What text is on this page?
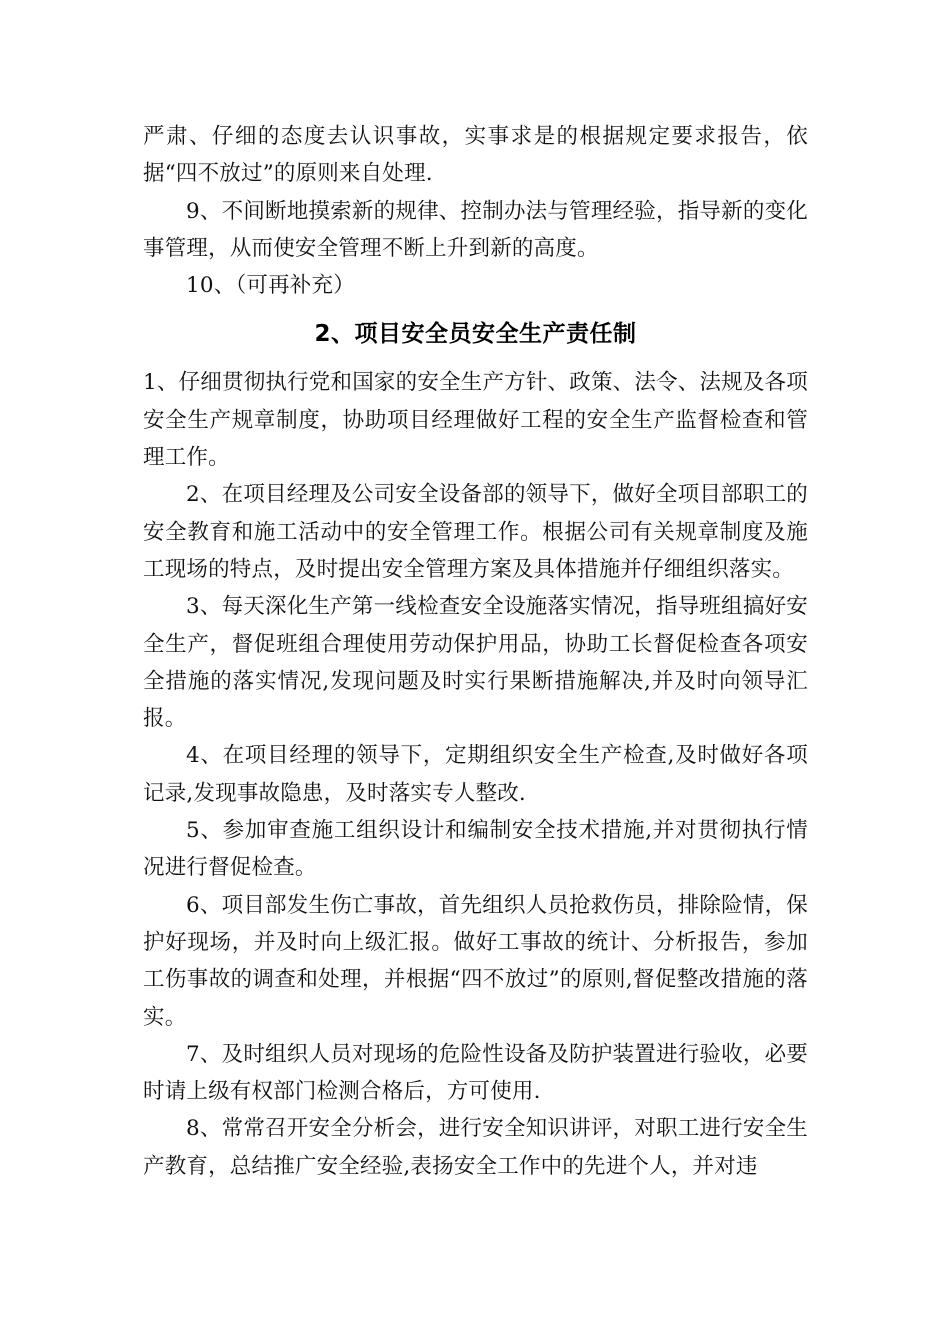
严肃、仔细的态度去认识事故，实事求是的根据规定要求报告，依据“四不放过”的原则来自处理.

9、不间断地摸索新的规律、控制办法与管理经验，指导新的变化事管理，从而使安全管理不断上升到新的高度。

10、（可再补充）

2、项目安全员安全生产责任制

1、仔细贯彻执行党和国家的安全生产方针、政策、法令、法规及各项安全生产规章制度，协助项目经理做好工程的安全生产监督检查和管理工作。

2、在项目经理及公司安全设备部的领导下，做好全项目部职工的安全教育和施工活动中的安全管理工作。根据公司有关规章制度及施工现场的特点，及时提出安全管理方案及具体措施并仔细组织落实。

3、每天深化生产第一线检查安全设施落实情况，指导班组搞好安全生产，督促班组合理使用劳动保护用品，协助工长督促检查各项安全措施的落实情况,发现问题及时实行果断措施解决,并及时向领导汇报。

4、在项目经理的领导下，定期组织安全生产检查,及时做好各项记录,发现事故隐患，及时落实专人整改.

5、参加审查施工组织设计和编制安全技术措施,并对贯彻执行情况进行督促检查。

6、项目部发生伤亡事故，首先组织人员抢救伤员，排除险情，保护好现场，并及时向上级汇报。做好工事故的统计、分析报告，参加工伤事故的调查和处理，并根据“四不放过”的原则,督促整改措施的落实。

7、及时组织人员对现场的危险性设备及防护装置进行验收，必要时请上级有权部门检测合格后，方可使用.

8、常常召开安全分析会，进行安全知识讲评，对职工进行安全生产教育，总结推广安全经验,表扬安全工作中的先进个人，并对违
